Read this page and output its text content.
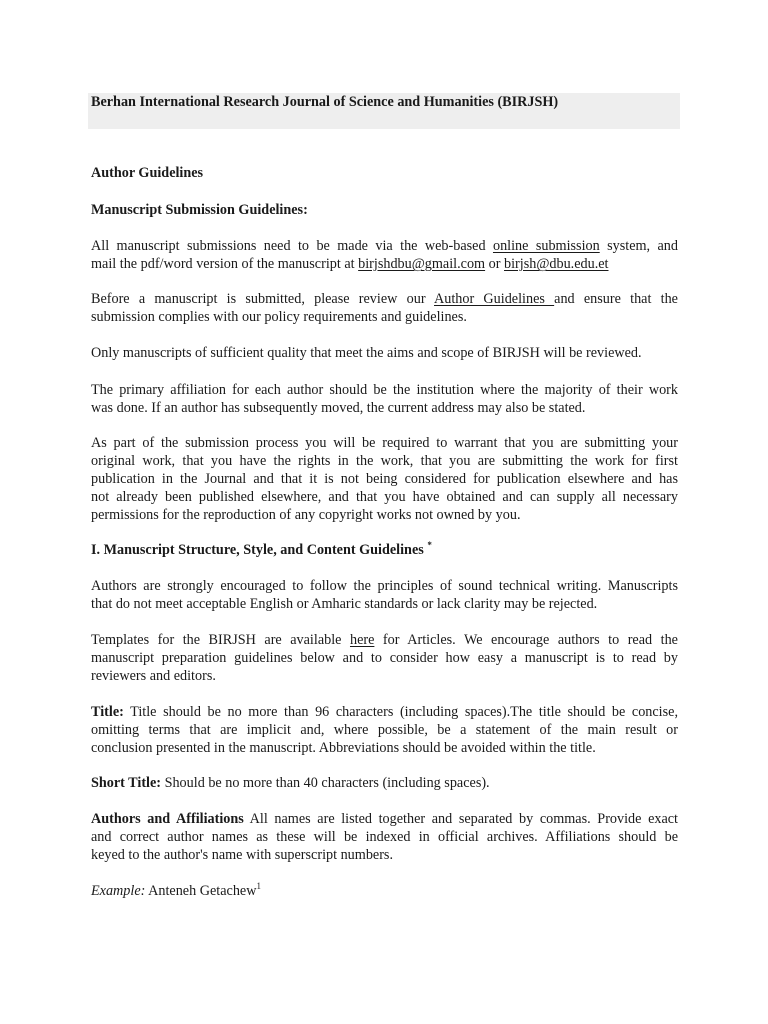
Berhan International Research Journal of Science and Humanities (BIRJSH)
Author Guidelines
Manuscript Submission Guidelines:
All manuscript submissions need to be made via the web-based online submission system, and
mail the pdf/word version of the manuscript at birjshdbu@gmail.com or birjsh@dbu.edu.et
Before a manuscript is submitted, please review our Author Guidelines and ensure that the
submission complies with our policy requirements and guidelines.
Only manuscripts of sufficient quality that meet the aims and scope of BIRJSH will be reviewed.
The primary affiliation for each author should be the institution where the majority of their work
was done. If an author has subsequently moved, the current address may also be stated.
As part of the submission process you will be required to warrant that you are submitting your
original work, that you have the rights in the work, that you are submitting the work for first
publication in the Journal and that it is not being considered for publication elsewhere and has
not already been published elsewhere, and that you have obtained and can supply all necessary
permissions for the reproduction of any copyright works not owned by you.
I. Manuscript Structure, Style, and Content Guidelines *
Authors are strongly encouraged to follow the principles of sound technical writing. Manuscripts
that do not meet acceptable English or Amharic standards or lack clarity may be rejected.
Templates for the BIRJSH are available here for Articles. We encourage authors to read the
manuscript preparation guidelines below and to consider how easy a manuscript is to read by
reviewers and editors.
Title: Title should be no more than 96 characters (including spaces).The title should be concise,
omitting terms that are implicit and, where possible, be a statement of the main result or
conclusion presented in the manuscript. Abbreviations should be avoided within the title.
Short Title: Should be no more than 40 characters (including spaces).
Authors and Affiliations All names are listed together and separated by commas. Provide exact
and correct author names as these will be indexed in official archives. Affiliations should be
keyed to the author's name with superscript numbers.
Example: Anteneh Getachew$^1$
